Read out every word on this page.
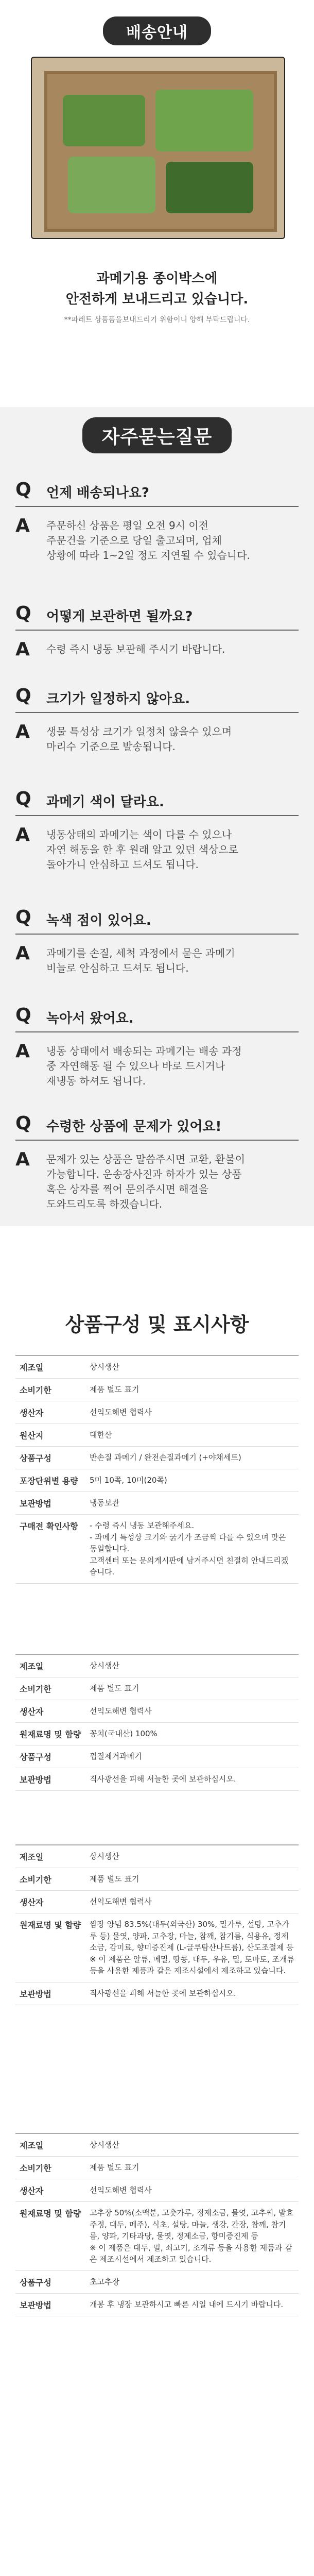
배송안내
과메기용 종이박스에
안전하게 보내드리고 있습니다.
**파레트 상품품을보내드리기 위함이니 양해 부탁드립니다.
자주묻는질문
Q 언제 배송되나요?
A 주문하신 상품은 평일 오전 9시 이전
주문건을 기준으로 당일 출고되며, 업체
상황에 따라 1~2일 정도 지연될 수 있습니다.
Q 어떻게 보관하면 될까요?
A 수령 즉시 냉동 보관해 주시기 바랍니다.
Q 크기가 일정하지 않아요.
A 생물 특성상 크기가 일정치 않을수 있으며
마리수 기준으로 발송됩니다.
Q 과메기 색이 달라요.
A 냉동상태의 과메기는 색이 다를 수 있으나
자연 해동을 한 후 원래 알고 있던 색상으로
돌아가니 안심하고 드셔도 됩니다.
Q 녹색 점이 있어요.
A 과메기를 손질, 세척 과정에서 묻은 과메기
비늘로 안심하고 드셔도 됩니다.
Q 녹아서 왔어요.
A 냉동 상태에서 배송되는 과메기는 배송 과정
중 자연해동 될 수 있으나 바로 드시거나
재냉동 하셔도 됩니다.
Q 수령한 상품에 문제가 있어요!
A 문제가 있는 상품은 말씀주시면 교환, 환불이
가능합니다. 운송장사진과 하자가 있는 상품
혹은 상자를 찍어 문의주시면 해결을
도와드리도록 하겠습니다.
상품구성 및 표시사항
제조일	상시생산
소비기한	제품 별도 표기
생산자	선익도해변 협력사
원산지	대한산
상품구성	반손질 과메기 / 완전손질과메기 (+야채세트)
포장단위별 용량	5미 10쪽, 10미(20쪽)
보관방법	냉동보관
구매전 확인사항	- 수령 즉시 냉동 보관해주세요.
- 과메기 특성상 크기와 굵기가 조금씩 다를 수 있으며 맛은 동일합니다.
고객센터 또는 문의게시판에 남겨주시면 친절히 안내드리겠습니다.
제조일	상시생산
소비기한	제품 별도 표기
생산자	선익도해변 협력사
원재료명 및 함량	꽁치(국내산) 100%
상품구성	껍질제거과메기
보관방법	직사광선을 피해 서늘한 곳에 보관하십시오.
제조일	상시생산
소비기한	제품 별도 표기
생산자	선익도해변 협력사
원재료명 및 함량	쌈장 양념 83.5%(대두(외국산) 30%, 밀가루, 설탕, 고추가루 등) 물엿, 양파, 고추장, 마늘, 참깨, 참기름, 식용유, 정제소금, 감미료, 향미증진제 (L-글루탐산나트륨), 산도조절제 등
※ 이 제품은 알류, 메밀, 땅콩, 대두, 우유, 밀, 토마토, 조개류 등을 사용한 제품과 같은 제조시설에서 제조하고 있습니다.
보관방법	직사광선을 피해 서늘한 곳에 보관하십시오.
제조일	상시생산
소비기한	제품 별도 표기
생산자	선익도해변 협력사
원재료명 및 함량	고추장 50%(소맥분, 고춧가루, 정제소금, 물엿, 고추씨, 발효주정, 대두, 메주), 식초, 설탕, 마늘, 생강, 간장, 참깨, 참기름, 양파, 기타과당, 물엿, 정제소금, 향미증진제 등
※ 이 제품은 대두, 밀, 쇠고기, 조개류 등을 사용한 제품과 같은 제조시설에서 제조하고 있습니다.
상품구성	초고추장
보관방법	개봉 후 냉장 보관하시고 빠른 시일 내에 드시기 바랍니다.
